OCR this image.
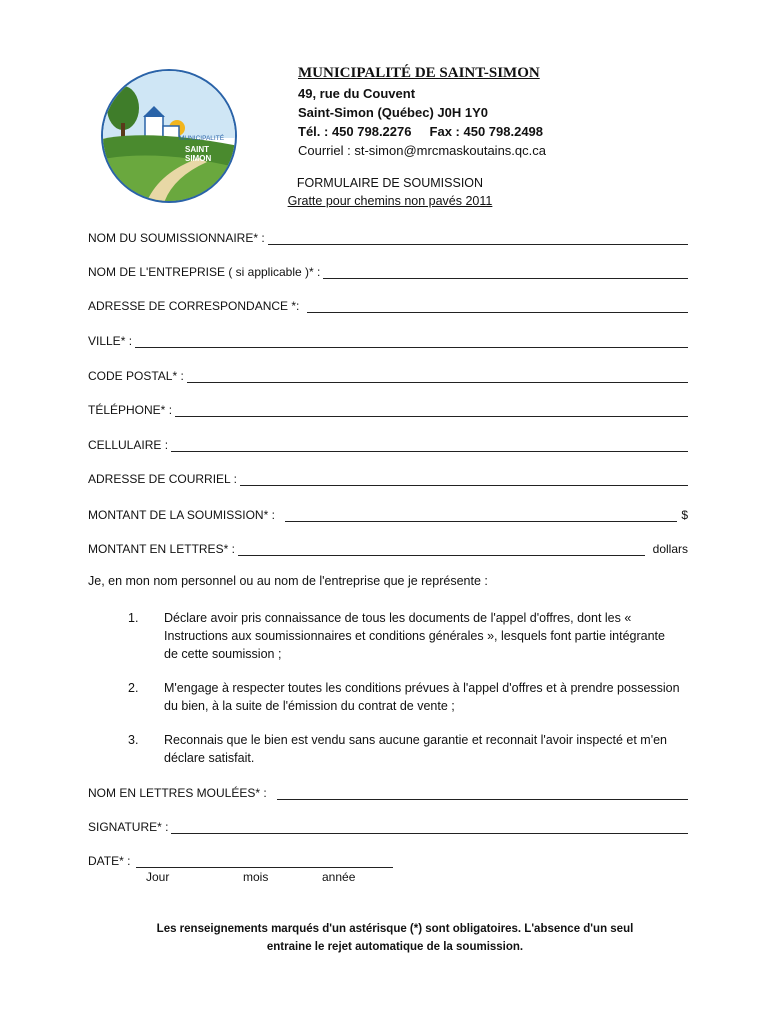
MUNICIPALITÉ
SAINT
SIMON
MUNICIPALITÉ DE SAINT-SIMON
49, rue du Couvent
Saint-Simon (Québec) J0H 1Y0
Tél. : 450 798.2276     Fax : 450 798.2498
Courriel : st-simon@mrcmaskoutains.qc.ca
FORMULAIRE DE SOUMISSION
Gratte pour chemins non pavés 2011
NOM DU SOUMISSIONNAIRE* :
NOM DE L'ENTREPRISE ( si applicable )* :
ADRESSE DE CORRESPONDANCE *:
VILLE* :
CODE POSTAL* :
TÉLÉPHONE* :
CELLULAIRE :
ADRESSE DE COURRIEL :
MONTANT DE LA SOUMISSION* :	$
MONTANT EN LETTRES* :	dollars
Je, en mon nom personnel ou au nom de l'entreprise que je représente :
1. Déclare avoir pris connaissance de tous les documents de l'appel d'offres, dont les « Instructions aux soumissionnaires et conditions générales », lesquels font partie intégrante de cette soumission ;
2. M'engage à respecter toutes les conditions prévues à l'appel d'offres et à prendre possession du bien, à la suite de l'émission du contrat de vente ;
3. Reconnais que le bien est vendu sans aucune garantie et reconnait l'avoir inspecté et m'en déclare satisfait.
NOM EN LETTRES MOULÉES* :
SIGNATURE* :
DATE* :
Jour	mois	année
Les renseignements marqués d'un astérisque (*) sont obligatoires. L'absence d'un seul
entraine le rejet automatique de la soumission.
